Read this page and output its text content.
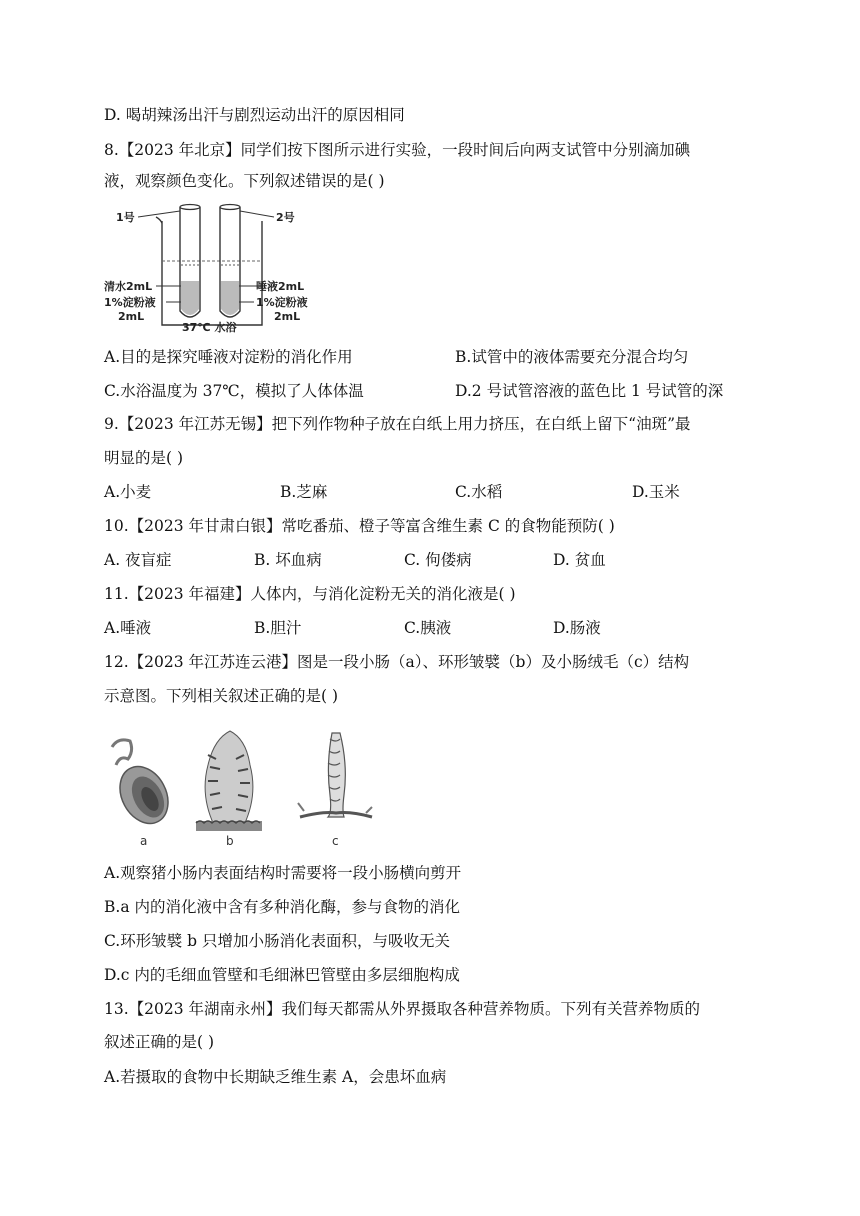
D. 喝胡辣汤出汗与剧烈运动出汗的原因相同
8.【2023 年北京】同学们按下图所示进行实验，一段时间后向两支试管中分别滴加碘
液，观察颜色变化。下列叙述错误的是( )
1号	2号
清水2mL
1%淀粉液
2mL
唾液2mL
1%淀粉液
2mL
37℃ 水浴
A.目的是探究唾液对淀粉的消化作用	B.试管中的液体需要充分混合均匀
C.水浴温度为 37℃，模拟了人体体温	D.2 号试管溶液的蓝色比 1 号试管的深
9.【2023 年江苏无锡】把下列作物种子放在白纸上用力挤压，在白纸上留下“油斑”最
明显的是( )
A.小麦	B.芝麻	C.水稻	D.玉米
10.【2023 年甘肃白银】常吃番茄、橙子等富含维生素 C 的食物能预防( )
A. 夜盲症	B. 坏血病	C. 佝偻病	D. 贫血
11.【2023 年福建】人体内，与消化淀粉无关的消化液是( )
A.唾液	B.胆汁	C.胰液	D.肠液
12.【2023 年江苏连云港】图是一段小肠（a）、环形皱襞（b）及小肠绒毛（c）结构
示意图。下列相关叙述正确的是( )
a	b	c
A.观察猪小肠内表面结构时需要将一段小肠横向剪开
B.a 内的消化液中含有多种消化酶，参与食物的消化
C.环形皱襞 b 只增加小肠消化表面积，与吸收无关
D.c 内的毛细血管壁和毛细淋巴管壁由多层细胞构成
13.【2023 年湖南永州】我们每天都需从外界摄取各种营养物质。下列有关营养物质的
叙述正确的是( )
A.若摄取的食物中长期缺乏维生素 A，会患坏血病
